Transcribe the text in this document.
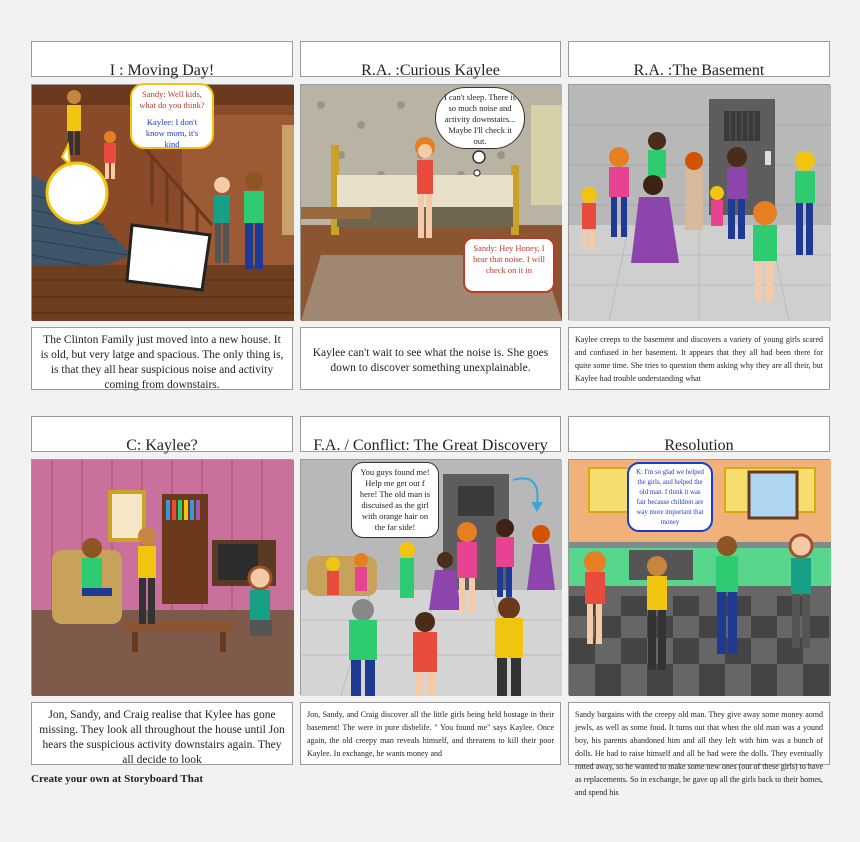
I : Moving Day!	R.A. :Curious Kaylee	R.A. :The Basement
Sandy: Well kids, what do you think?
Kaylee: I don't know mom, it's kind
I can't sleep. There is so much noise and activity downstairs... Maybe I'll check it out.
Sandy: Hey Honey, I hear that noise. I will check on it in
The Clinton Family just moved into a new house. It is old, but very latge and spacious. The only thing is, is that they all hear suspicious noise and activity coming from downstairs.
Kaylee can't wait to see what the noise is. She goes down to discover something unexplainable.
Kaylee creeps to the basement and discovers a variety of young girls scared and confused in her basement. It appears that they all had been there for quite some time. She tries to question them asking why they are all their, but Kaylee had trouble understanding what
C: Kaylee?	F.A. / Conflict: The Great Discovery	Resolution
You guys found me! Help me get out f here! The old man is discuised as the girl with orange hair on the far side!
K: I'm so glad we helped the girls, and helped the old man. I think it was fair because children are way more important that money
Jon, Sandy, and Craig realise that Kylee has gone missing. They look all throughout the house until Jon hears the suspicious activity downstairs again. They all decide to look
Jon, Sandy, and Craig discover all the little girls being held hostage in their basement! The were in pure disbelife. " You found me" says Kaylee. Once again, the old creepy man reveals himself, and threatens to kill their poor Kaylee. In exchange, he wants money and
Sandy bargains with the creepy old man. They give away some money aomd jewls, as well as some food. It turns out that when the old man was a yound boy, his parents abandoned him and all they left with him was a bunch of dolls. He had to raise himself and all he had were the dolls. They eventually rotted away, so he wanted to make some new ones (out of these girls) to have as replacements. So in exchange, he gave up all the girls back to their homes, and spend his
Create your own at Storyboard That
